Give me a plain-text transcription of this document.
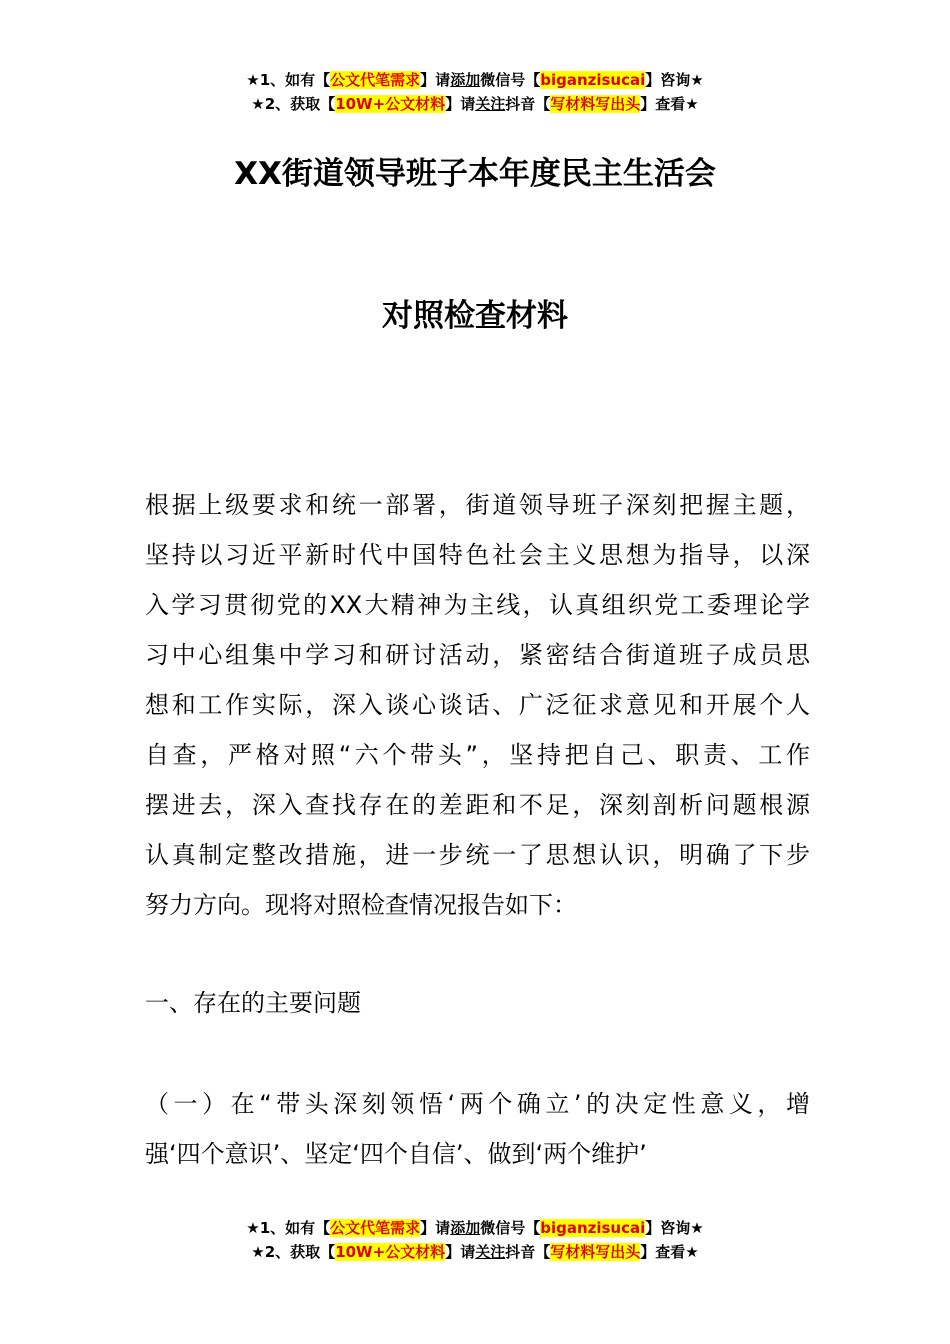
★1、如有【公文代笔需求】请添加微信号【biganzisucai】咨询★
★2、获取【10W+公文材料】请关注抖音【写材料写出头】查看★
XX街道领导班子本年度民主生活会
对照检查材料
根据上级要求和统一部署，街道领导班子深刻把握主题，
坚持以习近平新时代中国特色社会主义思想为指导，以深
入学习贯彻党的XX大精神为主线，认真组织党工委理论学
习中心组集中学习和研讨活动，紧密结合街道班子成员思
想和工作实际，深入谈心谈话、广泛征求意见和开展个人
自查，严格对照“六个带头”，坚持把自己、职责、工作
摆进去，深入查找存在的差距和不足，深刻剖析问题根源
认真制定整改措施，进一步统一了思想认识，明确了下步
努力方向。现将对照检查情况报告如下：
一、存在的主要问题
（一）在“带头深刻领悟‘两个确立’的决定性意义，增
强‘四个意识’、坚定‘四个自信’、做到‘两个维护’
★1、如有【公文代笔需求】请添加微信号【biganzisucai】咨询★
★2、获取【10W+公文材料】请关注抖音【写材料写出头】查看★
